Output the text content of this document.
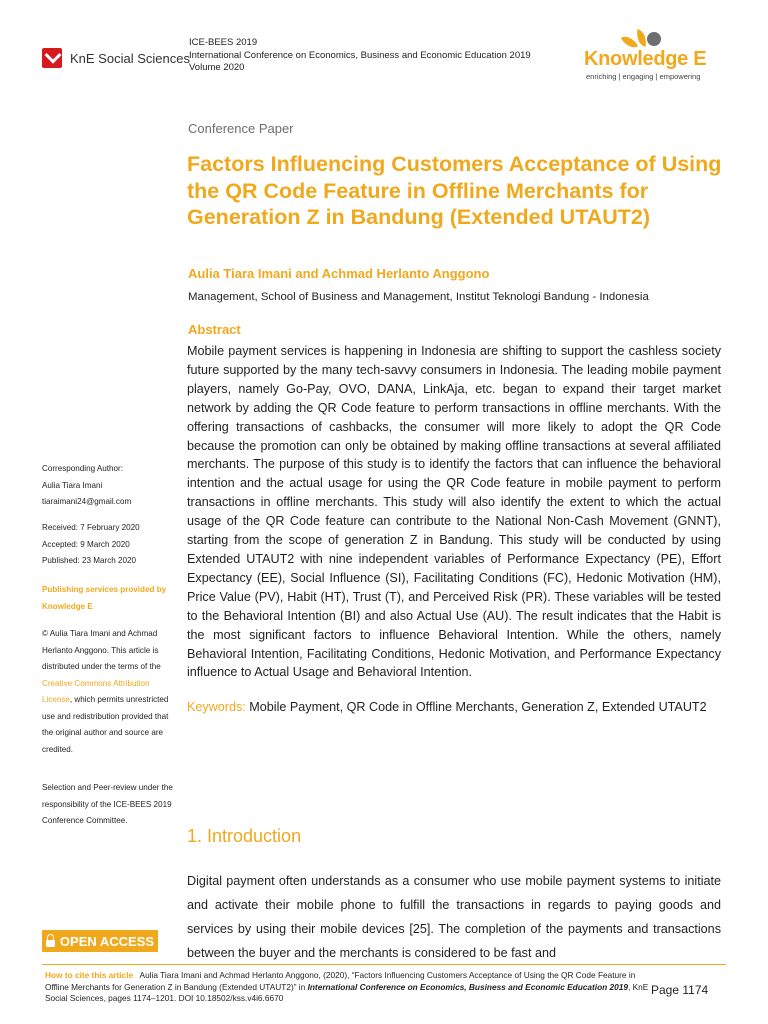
KnE Social Sciences
ICE-BEES 2019
International Conference on Economics, Business and Economic Education 2019
Volume 2020	Knowledge E
enriching | engaging | empowering
Conference Paper
Factors Influencing Customers Acceptance of Using the QR Code Feature in Offline Merchants for Generation Z in Bandung (Extended UTAUT2)
Aulia Tiara Imani and Achmad Herlanto Anggono
Management, School of Business and Management, Institut Teknologi Bandung - Indonesia
Abstract
Mobile payment services is happening in Indonesia are shifting to support the cashless society future supported by the many tech-savvy consumers in Indonesia. The leading mobile payment players, namely Go-Pay, OVO, DANA, LinkAja, etc. began to expand their target market network by adding the QR Code feature to perform transactions in offline merchants. With the offering transactions of cashbacks, the consumer will more likely to adopt the QR Code because the promotion can only be obtained by making offline transactions at several affiliated merchants. The purpose of this study is to identify the factors that can influence the behavioral intention and the actual usage for using the QR Code feature in mobile payment to perform transactions in offline merchants. This study will also identify the extent to which the actual usage of the QR Code feature can contribute to the National Non-Cash Movement (GNNT), starting from the scope of generation Z in Bandung. This study will be conducted by using Extended UTAUT2 with nine independent variables of Performance Expectancy (PE), Effort Expectancy (EE), Social Influence (SI), Facilitating Conditions (FC), Hedonic Motivation (HM), Price Value (PV), Habit (HT), Trust (T), and Perceived Risk (PR). These variables will be tested to the Behavioral Intention (BI) and also Actual Use (AU). The result indicates that the Habit is the most significant factors to influence Behavioral Intention. While the others, namely Behavioral Intention, Facilitating Conditions, Hedonic Motivation, and Performance Expectancy influence to Actual Usage and Behavioral Intention.
Keywords: Mobile Payment, QR Code in Offline Merchants, Generation Z, Extended UTAUT2
Corresponding Author:
Aulia Tiara Imani
tiaraimani24@gmail.com
Received: 7 February 2020
Accepted: 9 March 2020
Published: 23 March 2020
Publishing services provided by Knowledge E
© Aulia Tiara Imani and Achmad Herlanto Anggono. This article is distributed under the terms of the Creative Commons Attribution License, which permits unrestricted use and redistribution provided that the original author and source are credited.
Selection and Peer-review under the responsibility of the ICE-BEES 2019 Conference Committee.
1. Introduction
Digital payment often understands as a consumer who use mobile payment systems to initiate and activate their mobile phone to fulfill the transactions in regards to paying goods and services by using their mobile devices [25]. The completion of the payments and transactions between the buyer and the merchants is considered to be fast and
OPEN ACCESS
How to cite this article Aulia Tiara Imani and Achmad Herlanto Anggono, (2020), “Factors Influencing Customers Acceptance of Using the QR Code Feature in Offline Merchants for Generation Z in Bandung (Extended UTAUT2)” in International Conference on Economics, Business and Economic Education 2019, KnE Social Sciences, pages 1174–1201. DOI 10.18502/kss.v4i6.6670
Page 1174
